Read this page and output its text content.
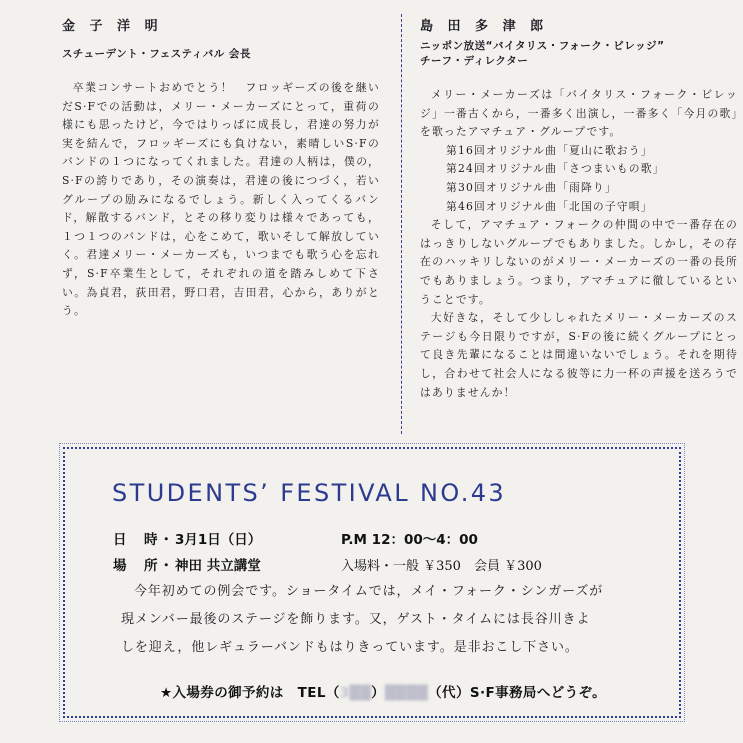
金 子 洋 明

スチューデント・フェスティバル 会長

卒業コンサートおめでとう！　フロッギーズの後を継いだS·Fでの活動は，メリー・メーカーズにとって，重荷の様にも思ったけど，今ではりっぱに成長し，君達の努力が実を結んで，フロッギーズにも負けない，素晴しいS·Fのバンドの１つになってくれました。君達の人柄は，僕の，S·Fの誇りであり，その演奏は，君達の後につづく，若いグループの励みになるでしょう。新しく入ってくるバンド，解散するバンド，とその移り変りは様々であっても，１つ１つのバンドは，心をこめて，歌いそして解放していく。君達メリー・メーカーズも，いつまでも歌う心を忘れず，S·F卒業生として，それぞれの道を踏みしめて下さい。為貞君，荻田君，野口君，吉田君，心から，ありがとう。

島 田 多 津 郎

ニッポン放送“バイタリス・フォーク・ビレッジ”

チーフ・ディレクター

メリー・メーカーズは「バイタリス・フォーク・ビレッジ」一番古くから，一番多く出演し，一番多く「今月の歌」を歌ったアマチュア・グループです。

第16回オリジナル曲「夏山に歌おう」
第24回オリジナル曲「さつまいもの歌」
第30回オリジナル曲「雨降り」
第46回オリジナル曲「北国の子守唄」

そして，アマチュア・フォークの仲間の中で一番存在のはっきりしないグループでもありました。しかし，その存在のハッキリしないのがメリー・メーカーズの一番の長所でもありましょう。つまり，アマチュアに徹しているということです。

大好きな，そして少ししゃれたメリー・メーカーズのステージも今日限りですが，S·Fの後に続くグループにとって良き先輩になることは間違いないでしょう。それを期待し，合わせて社会人になる彼等に力一杯の声援を送ろうではありませんか！

STUDENTS’ FESTIVAL NO.43

日　時・3月1日（日）	P.M 12：00〜4：00

場　所・神田 共立講堂	入場料・一般 ￥350　会員 ￥300

今年初めての例会です。ショータイムでは，メイ・フォーク・シンガーズが

現メンバー最後のステージを飾ります。又，ゲスト・タイムには長谷川きよ

しを迎え，他レギュラーバンドもはりきっています。是非おこし下さい。

★入場券の御予約は　TEL（3██）████（代）S·F事務局へどうぞ。
